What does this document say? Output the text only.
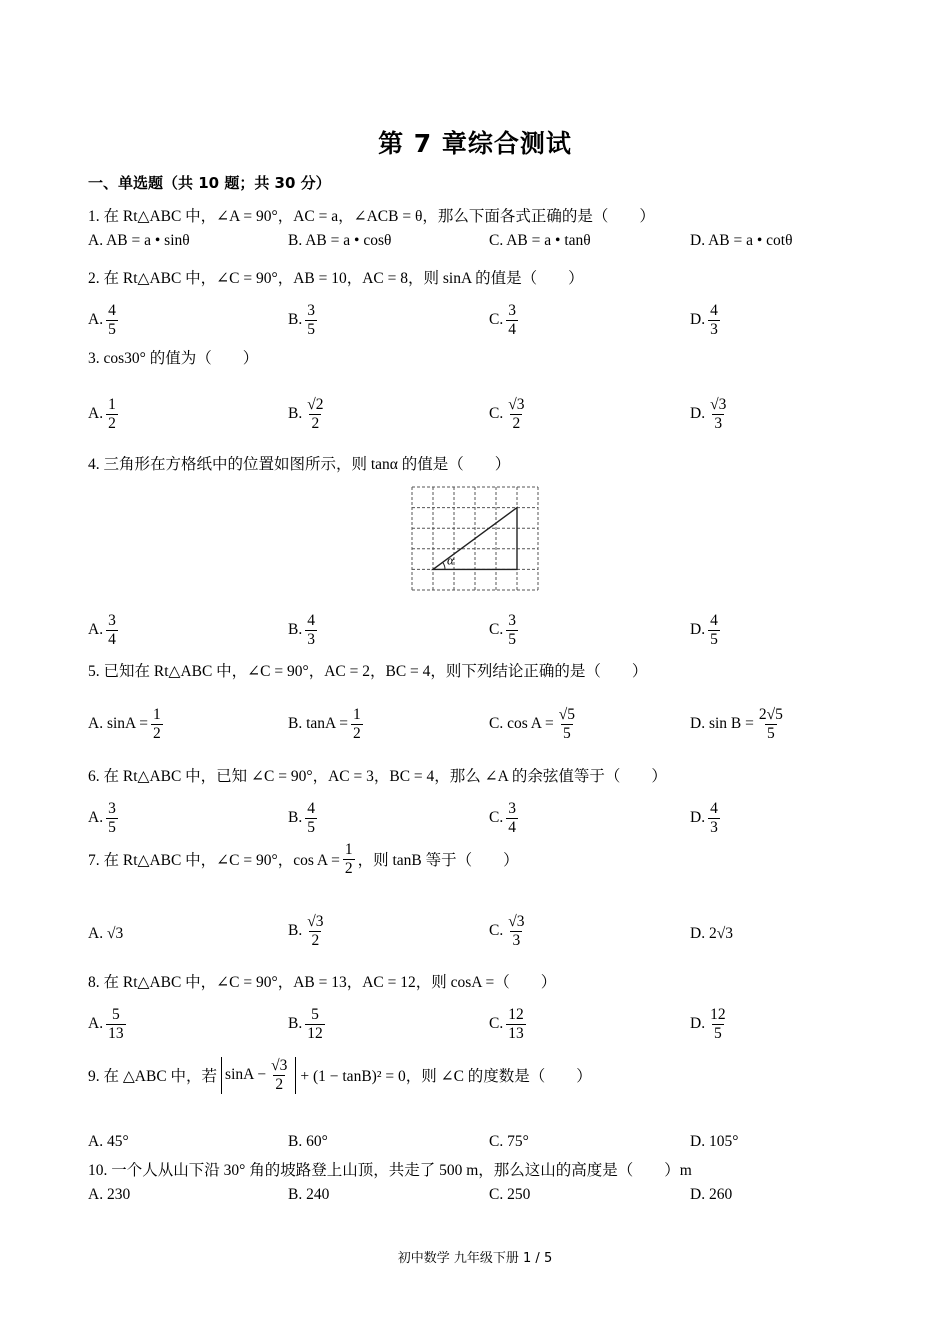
第 7 章综合测试
一、单选题（共 10 题；共 30 分）
1. 在 Rt△ABC 中，∠A = 90°，AC = a，∠ACB = θ，那么下面各式正确的是（　　）
A. AB = a • sinθ	B. AB = a • cosθ	C. AB = a • tanθ	D. AB = a • cotθ
2. 在 Rt△ABC 中，∠C = 90°，AB = 10，AC = 8，则 sinA 的值是（　　）
A. $\frac{4}{5}$	B. $\frac{3}{5}$	C. $\frac{3}{4}$	D. $\frac{4}{3}$
3. cos30° 的值为（　　）
A. $\frac{1}{2}$	B. $\frac{√2}{2}$	C. $\frac{√3}{2}$	D. $\frac{√3}{3}$
4. 三角形在方格纸中的位置如图所示，则 tanα 的值是（　　）
A. $\frac{3}{4}$	B. $\frac{4}{3}$	C. $\frac{3}{5}$	D. $\frac{4}{5}$
5. 已知在 Rt△ABC 中，∠C = 90°，AC = 2，BC = 4，则下列结论正确的是（　　）
A. $\sin A = \frac{1}{2}$	B. $\tan A = \frac{1}{2}$	C. $\cos A = \frac{√5}{5}$	D. $\sin B = \frac{2√5}{5}$
6. 在 Rt△ABC 中，已知 ∠C = 90°，AC = 3，BC = 4，那么 ∠A 的余弦值等于（　　）
A. $\frac{3}{5}$	B. $\frac{4}{5}$	C. $\frac{3}{4}$	D. $\frac{4}{3}$
7. 在 Rt△ABC 中，∠C = 90°，$\cos A = \frac{1}{2}$ ，则 tanB 等于（　　）
A. √3	B. $\frac{√3}{2}$	C. $\frac{√3}{3}$	D. 2√3
8. 在 Rt△ABC 中，∠C = 90°，AB = 13，AC = 12，则 cosA =（　　）
A. $\frac{5}{13}$	B. $\frac{5}{12}$	C. $\frac{12}{13}$	D. $\frac{12}{5}$
9. 在 △ABC 中，若 $\sin A - \frac{√3}{2} + (1 - \tan B)^2 = 0$，则 ∠C 的度数是（　　）
A. 45°	B. 60°	C. 75°	D. 105°
10. 一个人从山下沿 30° 角的坡路登上山顶，共走了 500 m，那么这山的高度是（　　）m
A. 230	B. 240	C. 250	D. 260
初中数学 九年级下册 1 / 5
α
